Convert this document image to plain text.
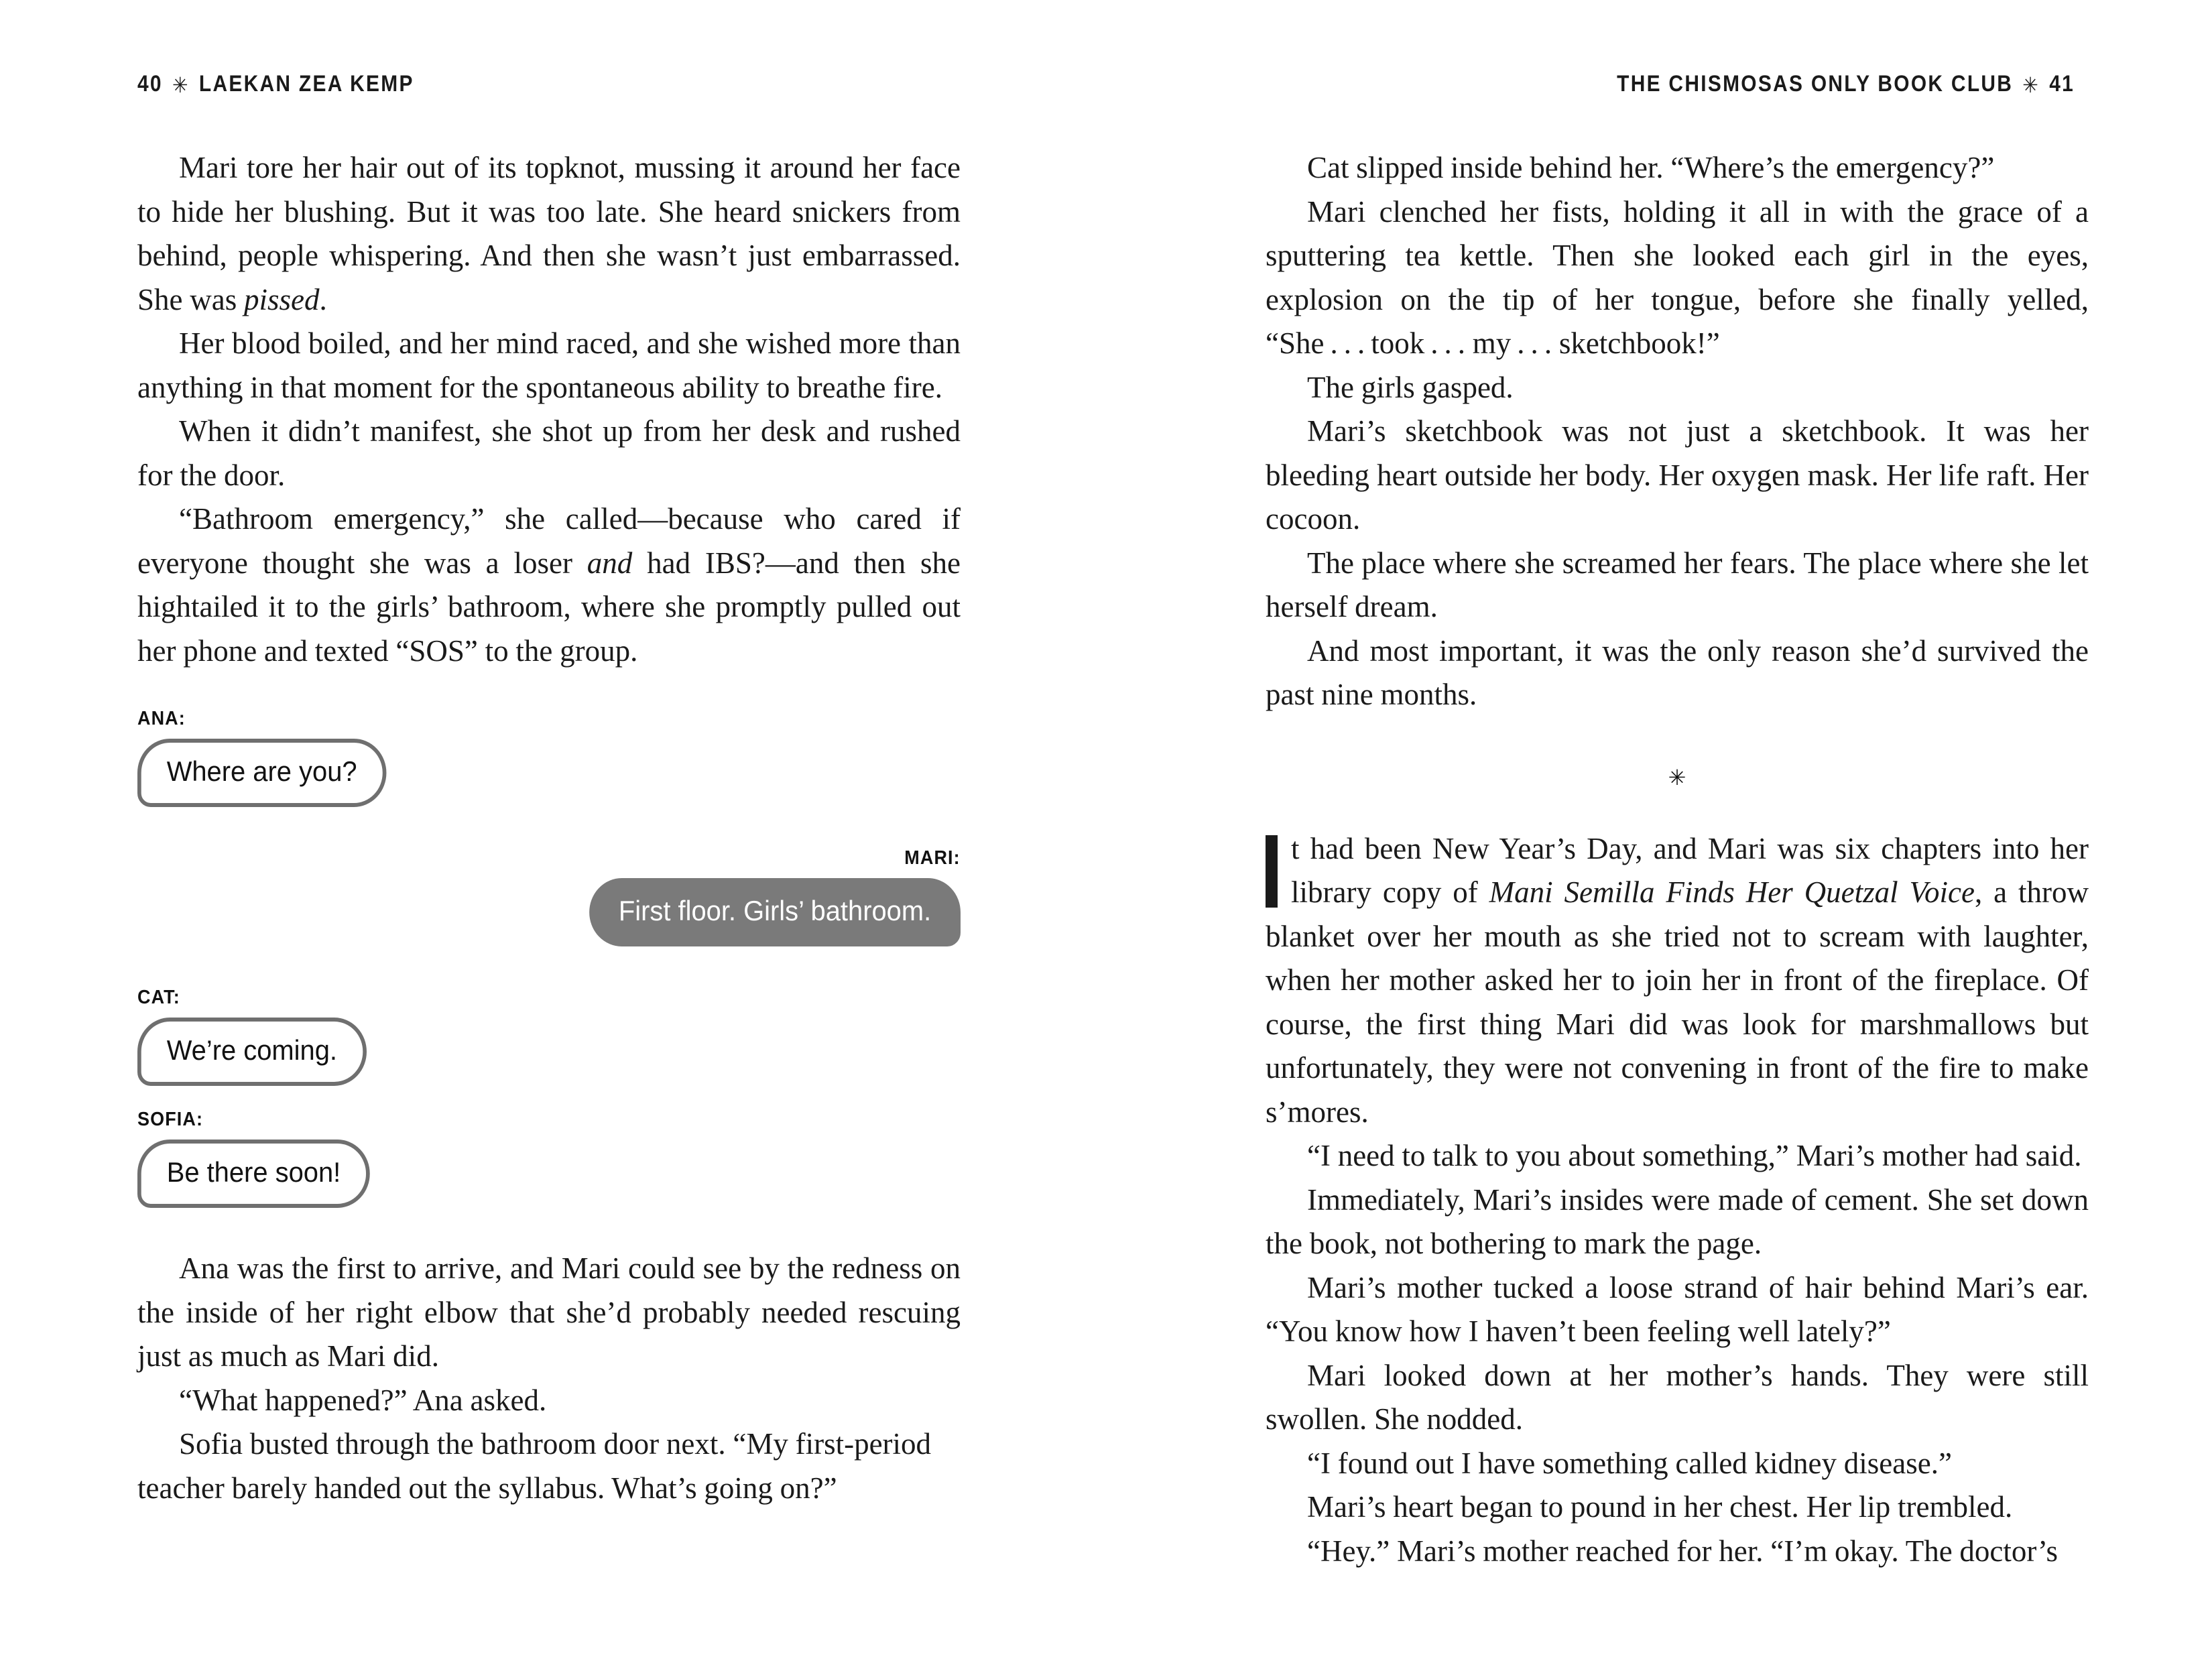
40 ✳ LAEKAN ZEA KEMP	THE CHISMOSAS ONLY BOOK CLUB ✳ 41

Mari tore her hair out of its topknot, mussing it around her face to hide her blushing. But it was too late. She heard snickers from behind, people whispering. And then she wasn’t just embarrassed. She was pissed.

Her blood boiled, and her mind raced, and she wished more than anything in that moment for the spontaneous ability to breathe fire.

When it didn’t manifest, she shot up from her desk and rushed for the door.

“Bathroom emergency,” she called—because who cared if everyone thought she was a loser and had IBS?—and then she hightailed it to the girls’ bathroom, where she promptly pulled out her phone and texted “SOS” to the group.

ANA:
Where are you?
MARI:
First floor. Girls’ bathroom.
CAT:
We’re coming.
SOFIA:
Be there soon!

Ana was the first to arrive, and Mari could see by the redness on the inside of her right elbow that she’d probably needed rescuing just as much as Mari did.

“What happened?” Ana asked.

Sofia busted through the bathroom door next. “My first-period teacher barely handed out the syllabus. What’s going on?”

Cat slipped inside behind her. “Where’s the emergency?”

Mari clenched her fists, holding it all in with the grace of a sputtering tea kettle. Then she looked each girl in the eyes, explosion on the tip of her tongue, before she finally yelled, “She . . . took . . . my . . . sketchbook!”

The girls gasped.

Mari’s sketchbook was not just a sketchbook. It was her bleeding heart outside her body. Her oxygen mask. Her life raft. Her cocoon.

The place where she screamed her fears. The place where she let herself dream.

And most important, it was the only reason she’d survived the past nine months.

✳

t had been New Year’s Day, and Mari was six chapters into her library copy of Mani Semilla Finds Her Quetzal Voice, a throw blanket over her mouth as she tried not to scream with laughter, when her mother asked her to join her in front of the fireplace. Of course, the first thing Mari did was look for marshmallows but unfortunately, they were not convening in front of the fire to make s’mores.

“I need to talk to you about something,” Mari’s mother had said.

Immediately, Mari’s insides were made of cement. She set down the book, not bothering to mark the page.

Mari’s mother tucked a loose strand of hair behind Mari’s ear. “You know how I haven’t been feeling well lately?”

Mari looked down at her mother’s hands. They were still swollen. She nodded.

“I found out I have something called kidney disease.”

Mari’s heart began to pound in her chest. Her lip trembled.

“Hey.” Mari’s mother reached for her. “I’m okay. The doctor’s
